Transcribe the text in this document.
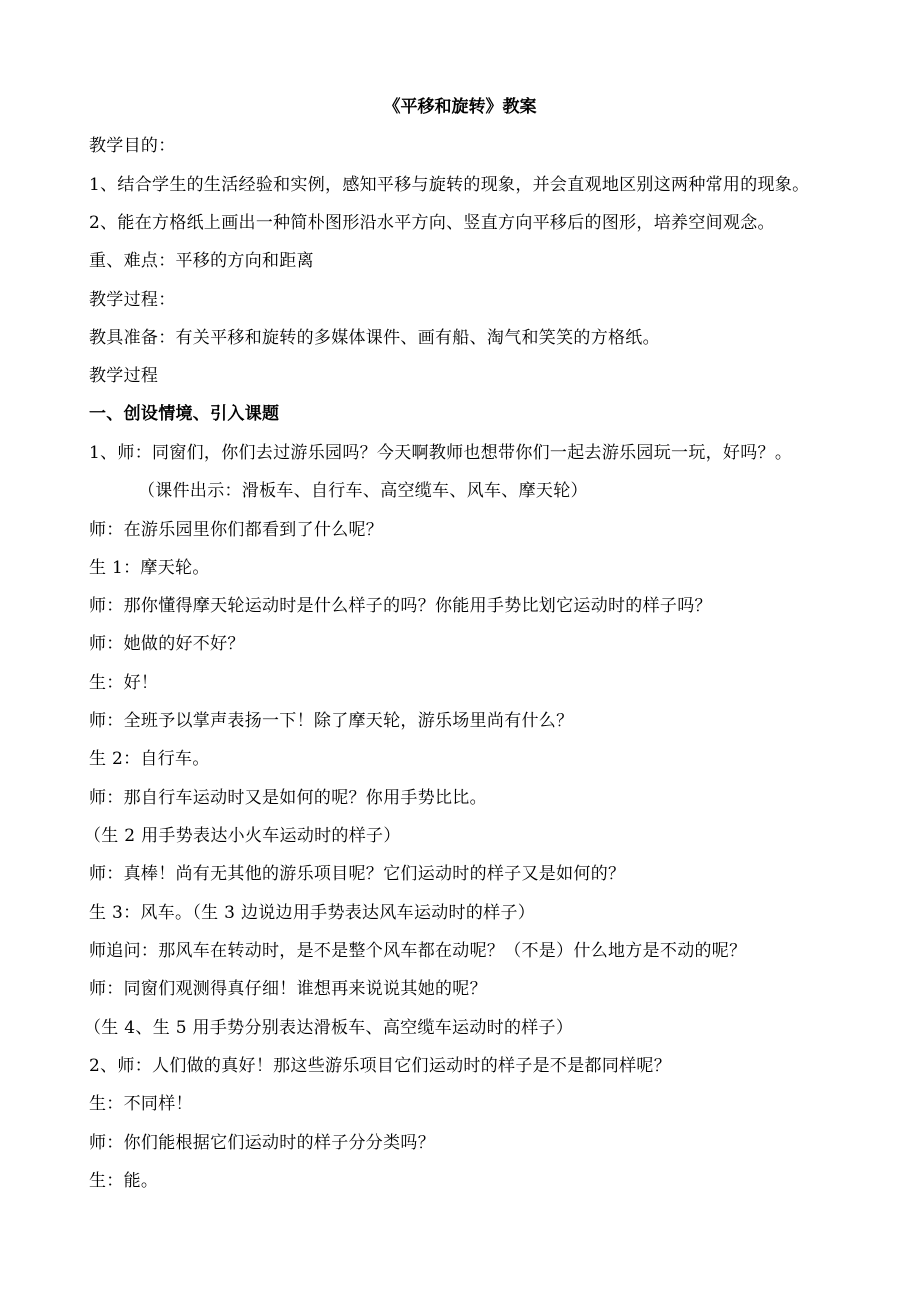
《平移和旋转》教案
教学目的：
1、结合学生的生活经验和实例，感知平移与旋转的现象，并会直观地区别这两种常用的现象。
2、能在方格纸上画出一种简朴图形沿水平方向、竖直方向平移后的图形，培养空间观念。
重、难点：平移的方向和距离
教学过程：
教具准备：有关平移和旋转的多媒体课件、画有船、淘气和笑笑的方格纸。
教学过程
一、创设情境、引入课题
1、师：同窗们，你们去过游乐园吗？今天啊教师也想带你们一起去游乐园玩一玩，好吗？。
（课件出示：滑板车、自行车、高空缆车、风车、摩天轮）
师：在游乐园里你们都看到了什么呢？
生 1：摩天轮。
师：那你懂得摩天轮运动时是什么样子的吗？你能用手势比划它运动时的样子吗？
师：她做的好不好？
生：好！
师：全班予以掌声表扬一下！除了摩天轮，游乐场里尚有什么？
生 2：自行车。
师：那自行车运动时又是如何的呢？你用手势比比。
（生 2 用手势表达小火车运动时的样子）
师：真棒！尚有无其他的游乐项目呢？它们运动时的样子又是如何的？
生 3：风车。（生 3 边说边用手势表达风车运动时的样子）
师追问：那风车在转动时，是不是整个风车都在动呢？（不是）什么地方是不动的呢？
师：同窗们观测得真仔细！谁想再来说说其她的呢？
（生 4、生 5 用手势分别表达滑板车、高空缆车运动时的样子）
2、师：人们做的真好！那这些游乐项目它们运动时的样子是不是都同样呢？
生：不同样！
师：你们能根据它们运动时的样子分分类吗？
生：能。
